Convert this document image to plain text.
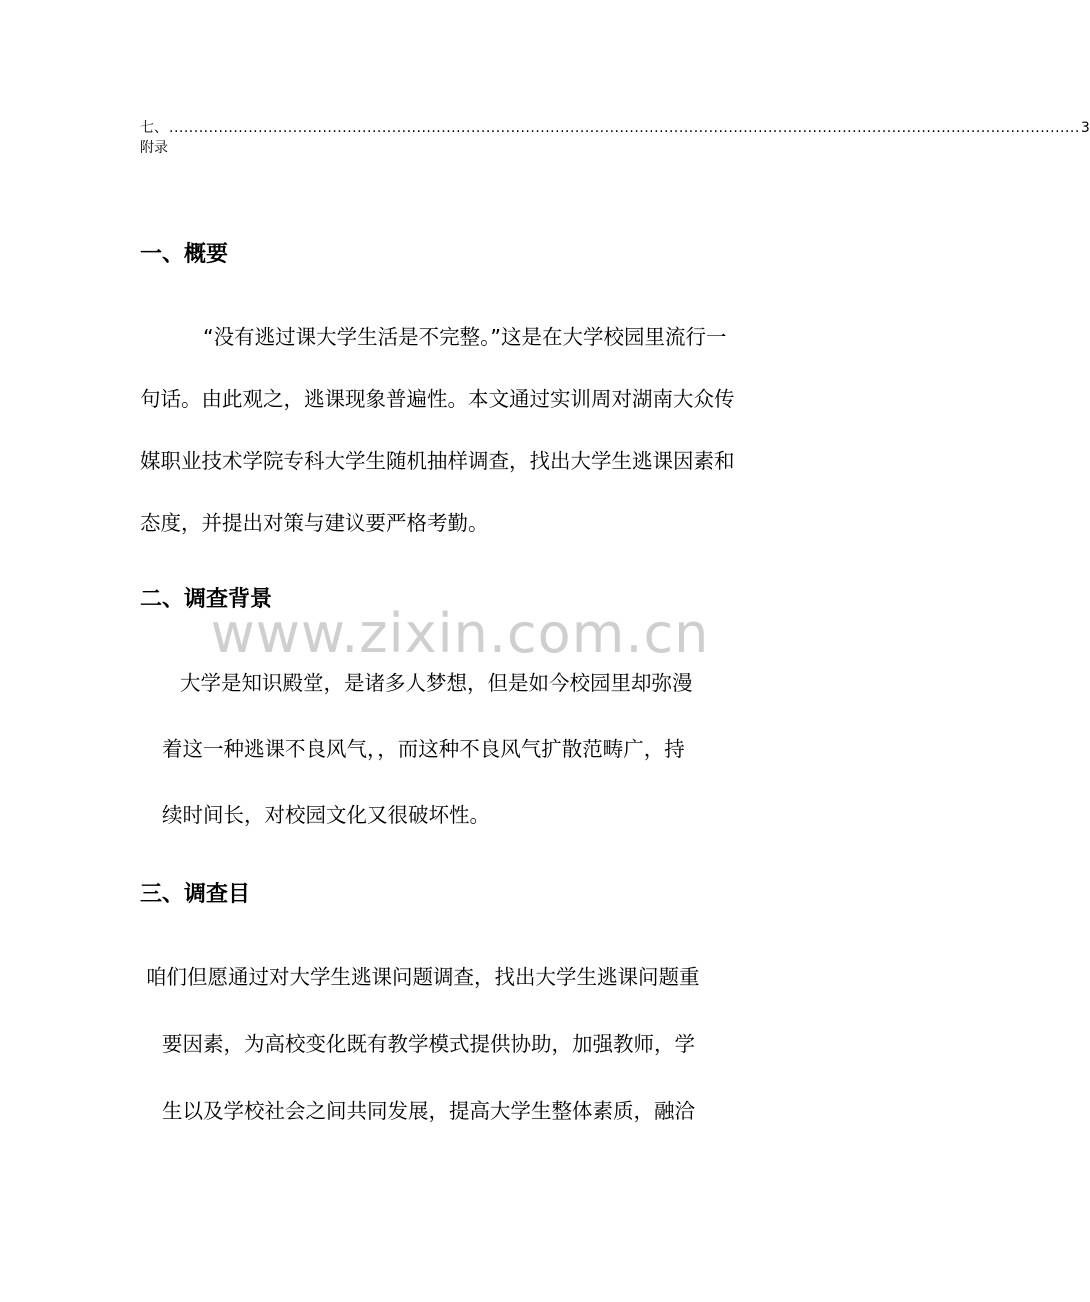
七、附录
........................................................................................................................................................................................ 3
一、概要
“没有逃过课大学生活是不完整。”这是在大学校园里流行一
句话。由此观之，逃课现象普遍性。本文通过实训周对湖南大众传
媒职业技术学院专科大学生随机抽样调查，找出大学生逃课因素和
态度，并提出对策与建议要严格考勤。
二、调查背景
www.zixin.com.cn
大学是知识殿堂，是诸多人梦想，但是如今校园里却弥漫
着这一种逃课不良风气，，而这种不良风气扩散范畴广，持
续时间长，对校园文化又很破坏性。
三、调查目
咱们但愿通过对大学生逃课问题调查，找出大学生逃课问题重
要因素，为高校变化既有教学模式提供协助，加强教师，学
生以及学校社会之间共同发展，提高大学生整体素质，融洽
